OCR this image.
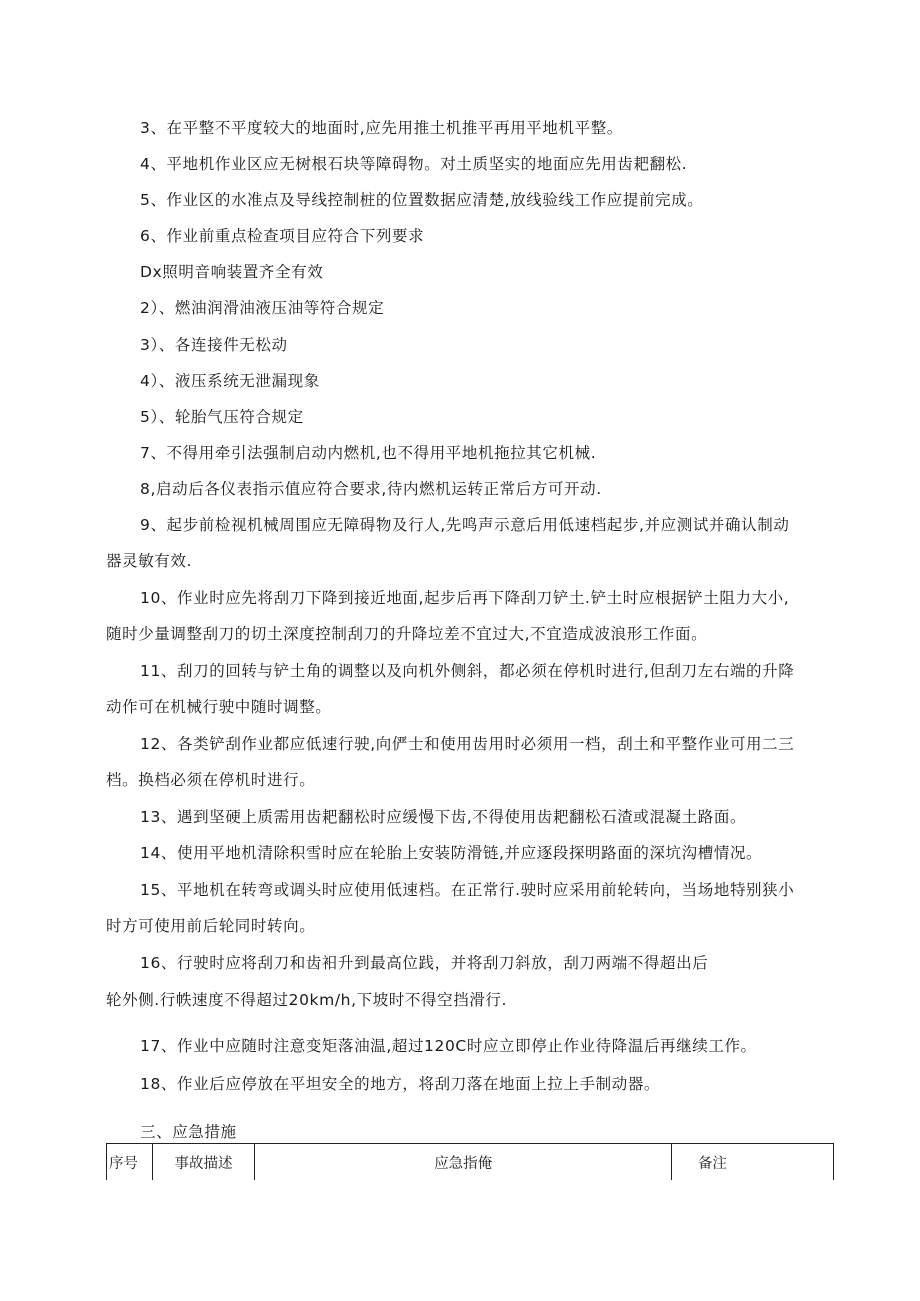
3、在平整不平度较大的地面时,应先用推土机推平再用平地机平整。
4、平地机作业区应无树根石块等障碍物。对土质坚实的地面应先用齿耙翻松.
5、作业区的水准点及导线控制桩的位置数据应清楚,放线验线工作应提前完成。
6、作业前重点检查项目应符合下列要求
Dx照明音响装置齐全有效
2）、燃油润滑油液压油等符合规定
3）、各连接件无松动
4）、液压系统无泄漏现象
5）、轮胎气压符合规定
7、不得用牵引法强制启动内燃机,也不得用平地机拖拉其它机械.
8,启动后各仪表指示值应符合要求,待内燃机运转正常后方可开动.
9、起步前检视机械周围应无障碍物及行人,先鸣声示意后用低速档起步,并应测试并确认制动
器灵敏有效.
10、作业时应先将刮刀下降到接近地面,起步后再下降刮刀铲土.铲土时应根据铲土阻力大小,
随时少量调整刮刀的切土深度控制刮刀的升降垃差不宜过大,不宜造成波浪形工作面。
11、刮刀的回转与铲土角的调整以及向机外侧斜，都必须在停机时进行,但刮刀左右端的升降
动作可在机械行驶中随时调整。
12、各类铲刮作业都应低速行驶,向俨士和使用齿用时必须用一档，刮土和平整作业可用二三
档。换档必须在停机时进行。
13、遇到坚硬上质需用齿耙翻松时应缓慢下齿,不得使用齿耙翻松石渣或混凝土路面。
14、使用平地机清除积雪时应在轮胎上安装防滑链,并应逐段探明路面的深坑沟槽情况。
15、平地机在转弯或调头时应使用低速档。在正常行.驶时应采用前轮转向，当场地特别狭小
时方可使用前后轮同时转向。
16、行驶时应将刮刀和齿衵升到最高位践，并将刮刀斜放，刮刀两端不得超出后
轮外侧.行帙速度不得超过20km/h,下坡时不得空挡滑行.
17、作业中应随时注意变矩落油温,超过120C时应立即停止作业待降温后再继续工作。
18、作业后应停放在平坦安全的地方，将刮刀落在地面上拉上手制动器。
三、应急措施
序号	事故描述	应急指俺	备注
